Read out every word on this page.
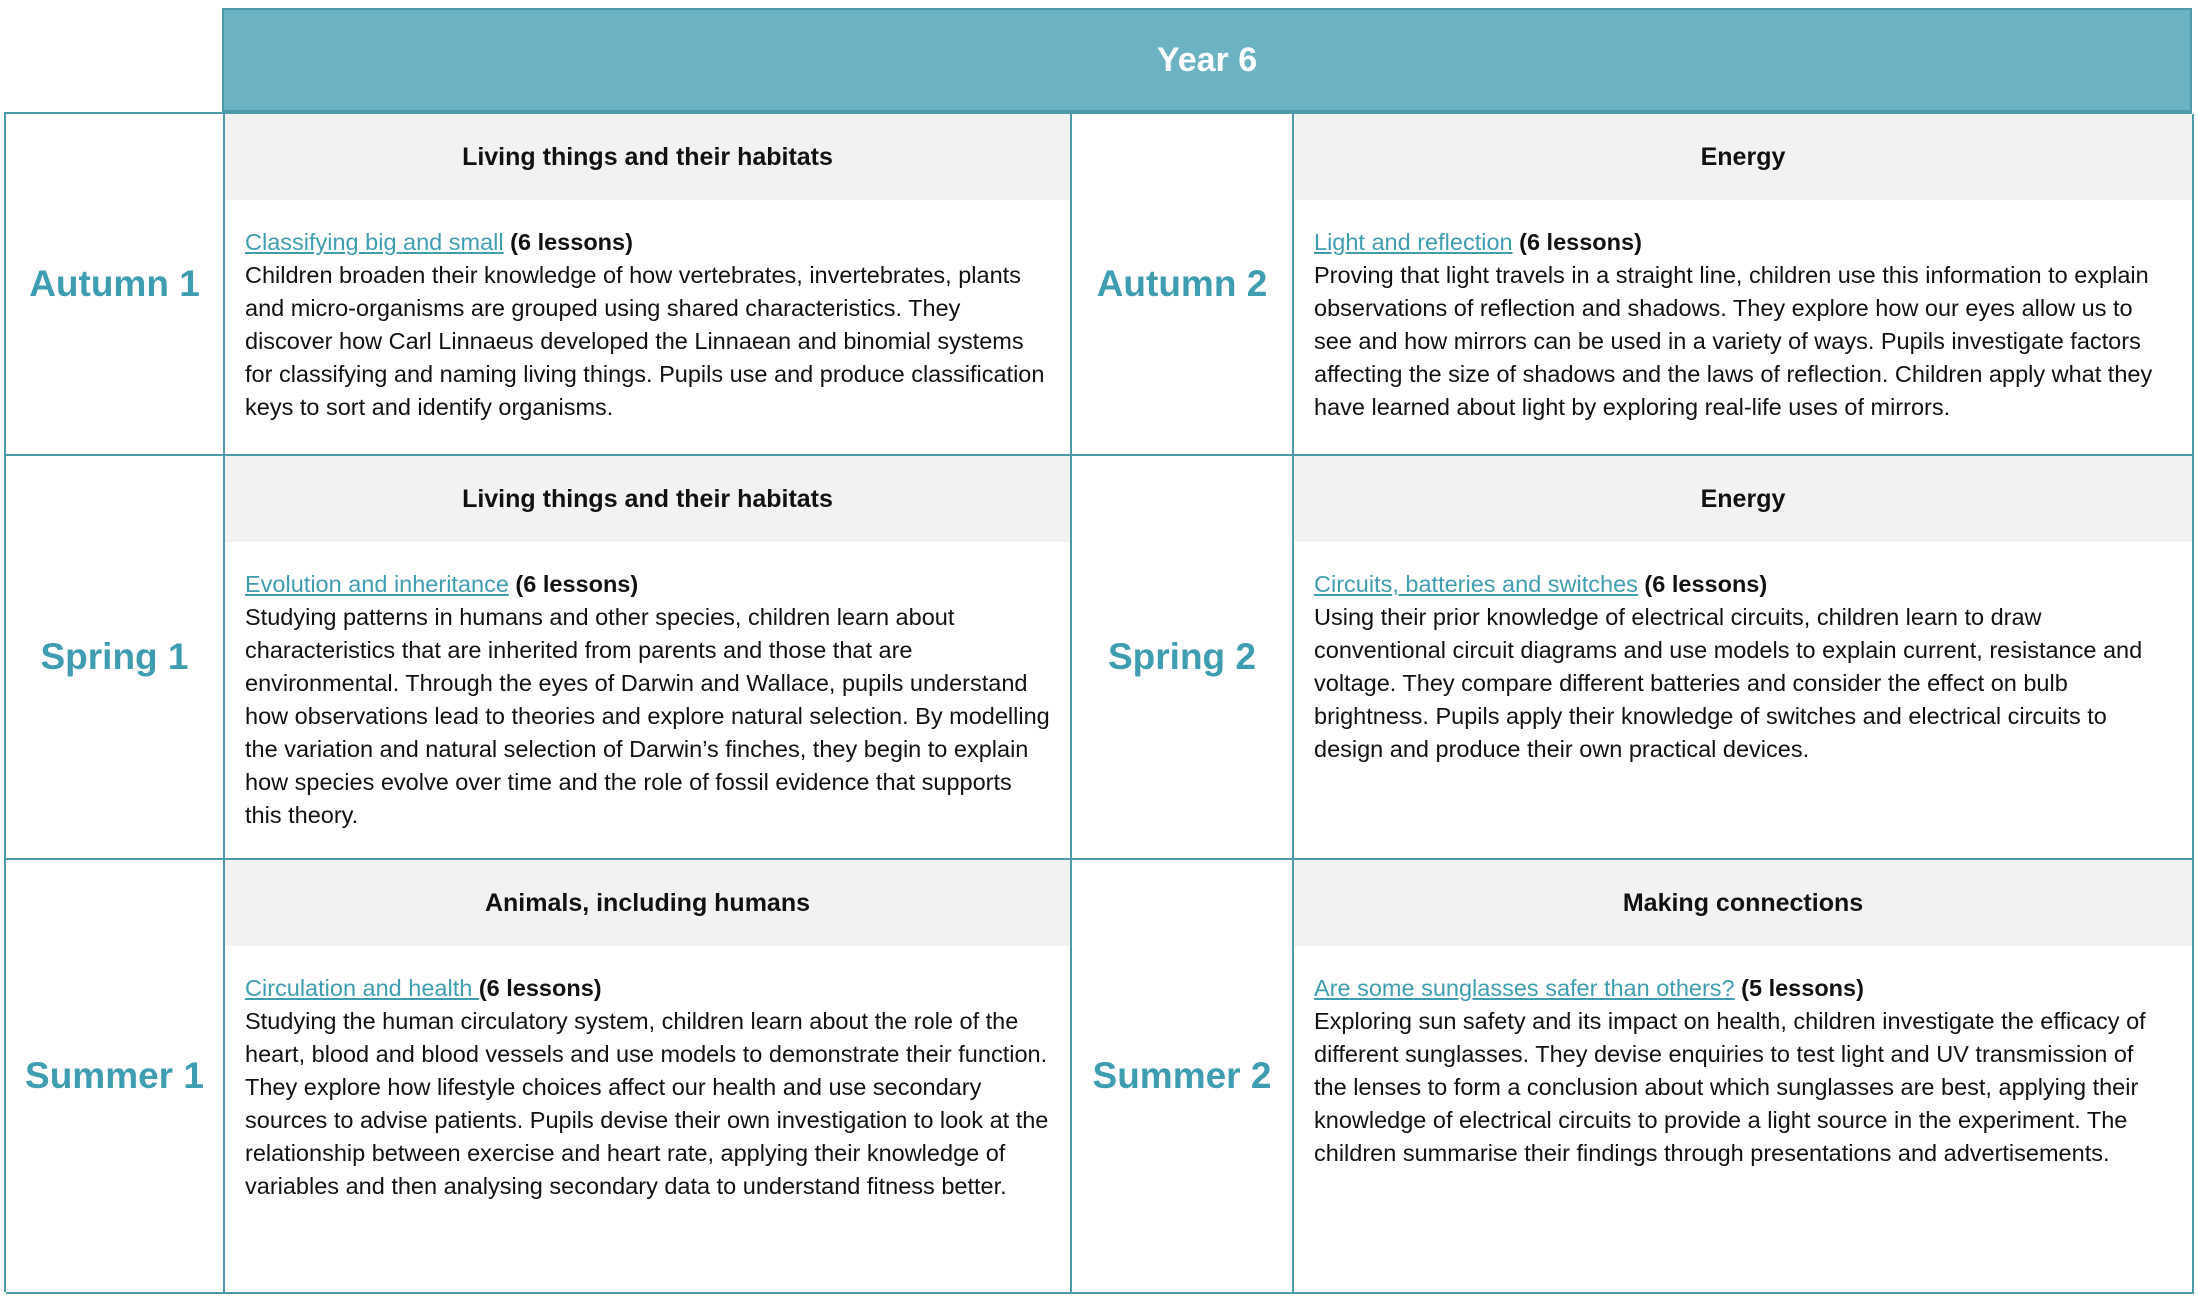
Year 6
Autumn 1
Living things and their habitats
Classifying big and small (6 lessons)
Children broaden their knowledge of how vertebrates, invertebrates, plants and micro-organisms are grouped using shared characteristics. They discover how Carl Linnaeus developed the Linnaean and binomial systems for classifying and naming living things. Pupils use and produce classification keys to sort and identify organisms.
Autumn 2
Energy
Light and reflection (6 lessons)
Proving that light travels in a straight line, children use this information to explain observations of reflection and shadows. They explore how our eyes allow us to see and how mirrors can be used in a variety of ways. Pupils investigate factors affecting the size of shadows and the laws of reflection. Children apply what they have learned about light by exploring real-life uses of mirrors.
Spring 1
Living things and their habitats
Evolution and inheritance (6 lessons)
Studying patterns in humans and other species, children learn about characteristics that are inherited from parents and those that are environmental. Through the eyes of Darwin and Wallace, pupils understand how observations lead to theories and explore natural selection. By modelling the variation and natural selection of Darwin’s finches, they begin to explain how species evolve over time and the role of fossil evidence that supports this theory.
Spring 2
Energy
Circuits, batteries and switches (6 lessons)
Using their prior knowledge of electrical circuits, children learn to draw conventional circuit diagrams and use models to explain current, resistance and voltage. They compare different batteries and consider the effect on bulb brightness. Pupils apply their knowledge of switches and electrical circuits to design and produce their own practical devices.
Summer 1
Animals, including humans
Circulation and health (6 lessons)
Studying the human circulatory system, children learn about the role of the heart, blood and blood vessels and use models to demonstrate their function. They explore how lifestyle choices affect our health and use secondary sources to advise patients. Pupils devise their own investigation to look at the relationship between exercise and heart rate, applying their knowledge of variables and then analysing secondary data to understand fitness better.
Summer 2
Making connections
Are some sunglasses safer than others? (5 lessons)
Exploring sun safety and its impact on health, children investigate the efficacy of different sunglasses. They devise enquiries to test light and UV transmission of the lenses to form a conclusion about which sunglasses are best, applying their knowledge of electrical circuits to provide a light source in the experiment. The children summarise their findings through presentations and advertisements.
